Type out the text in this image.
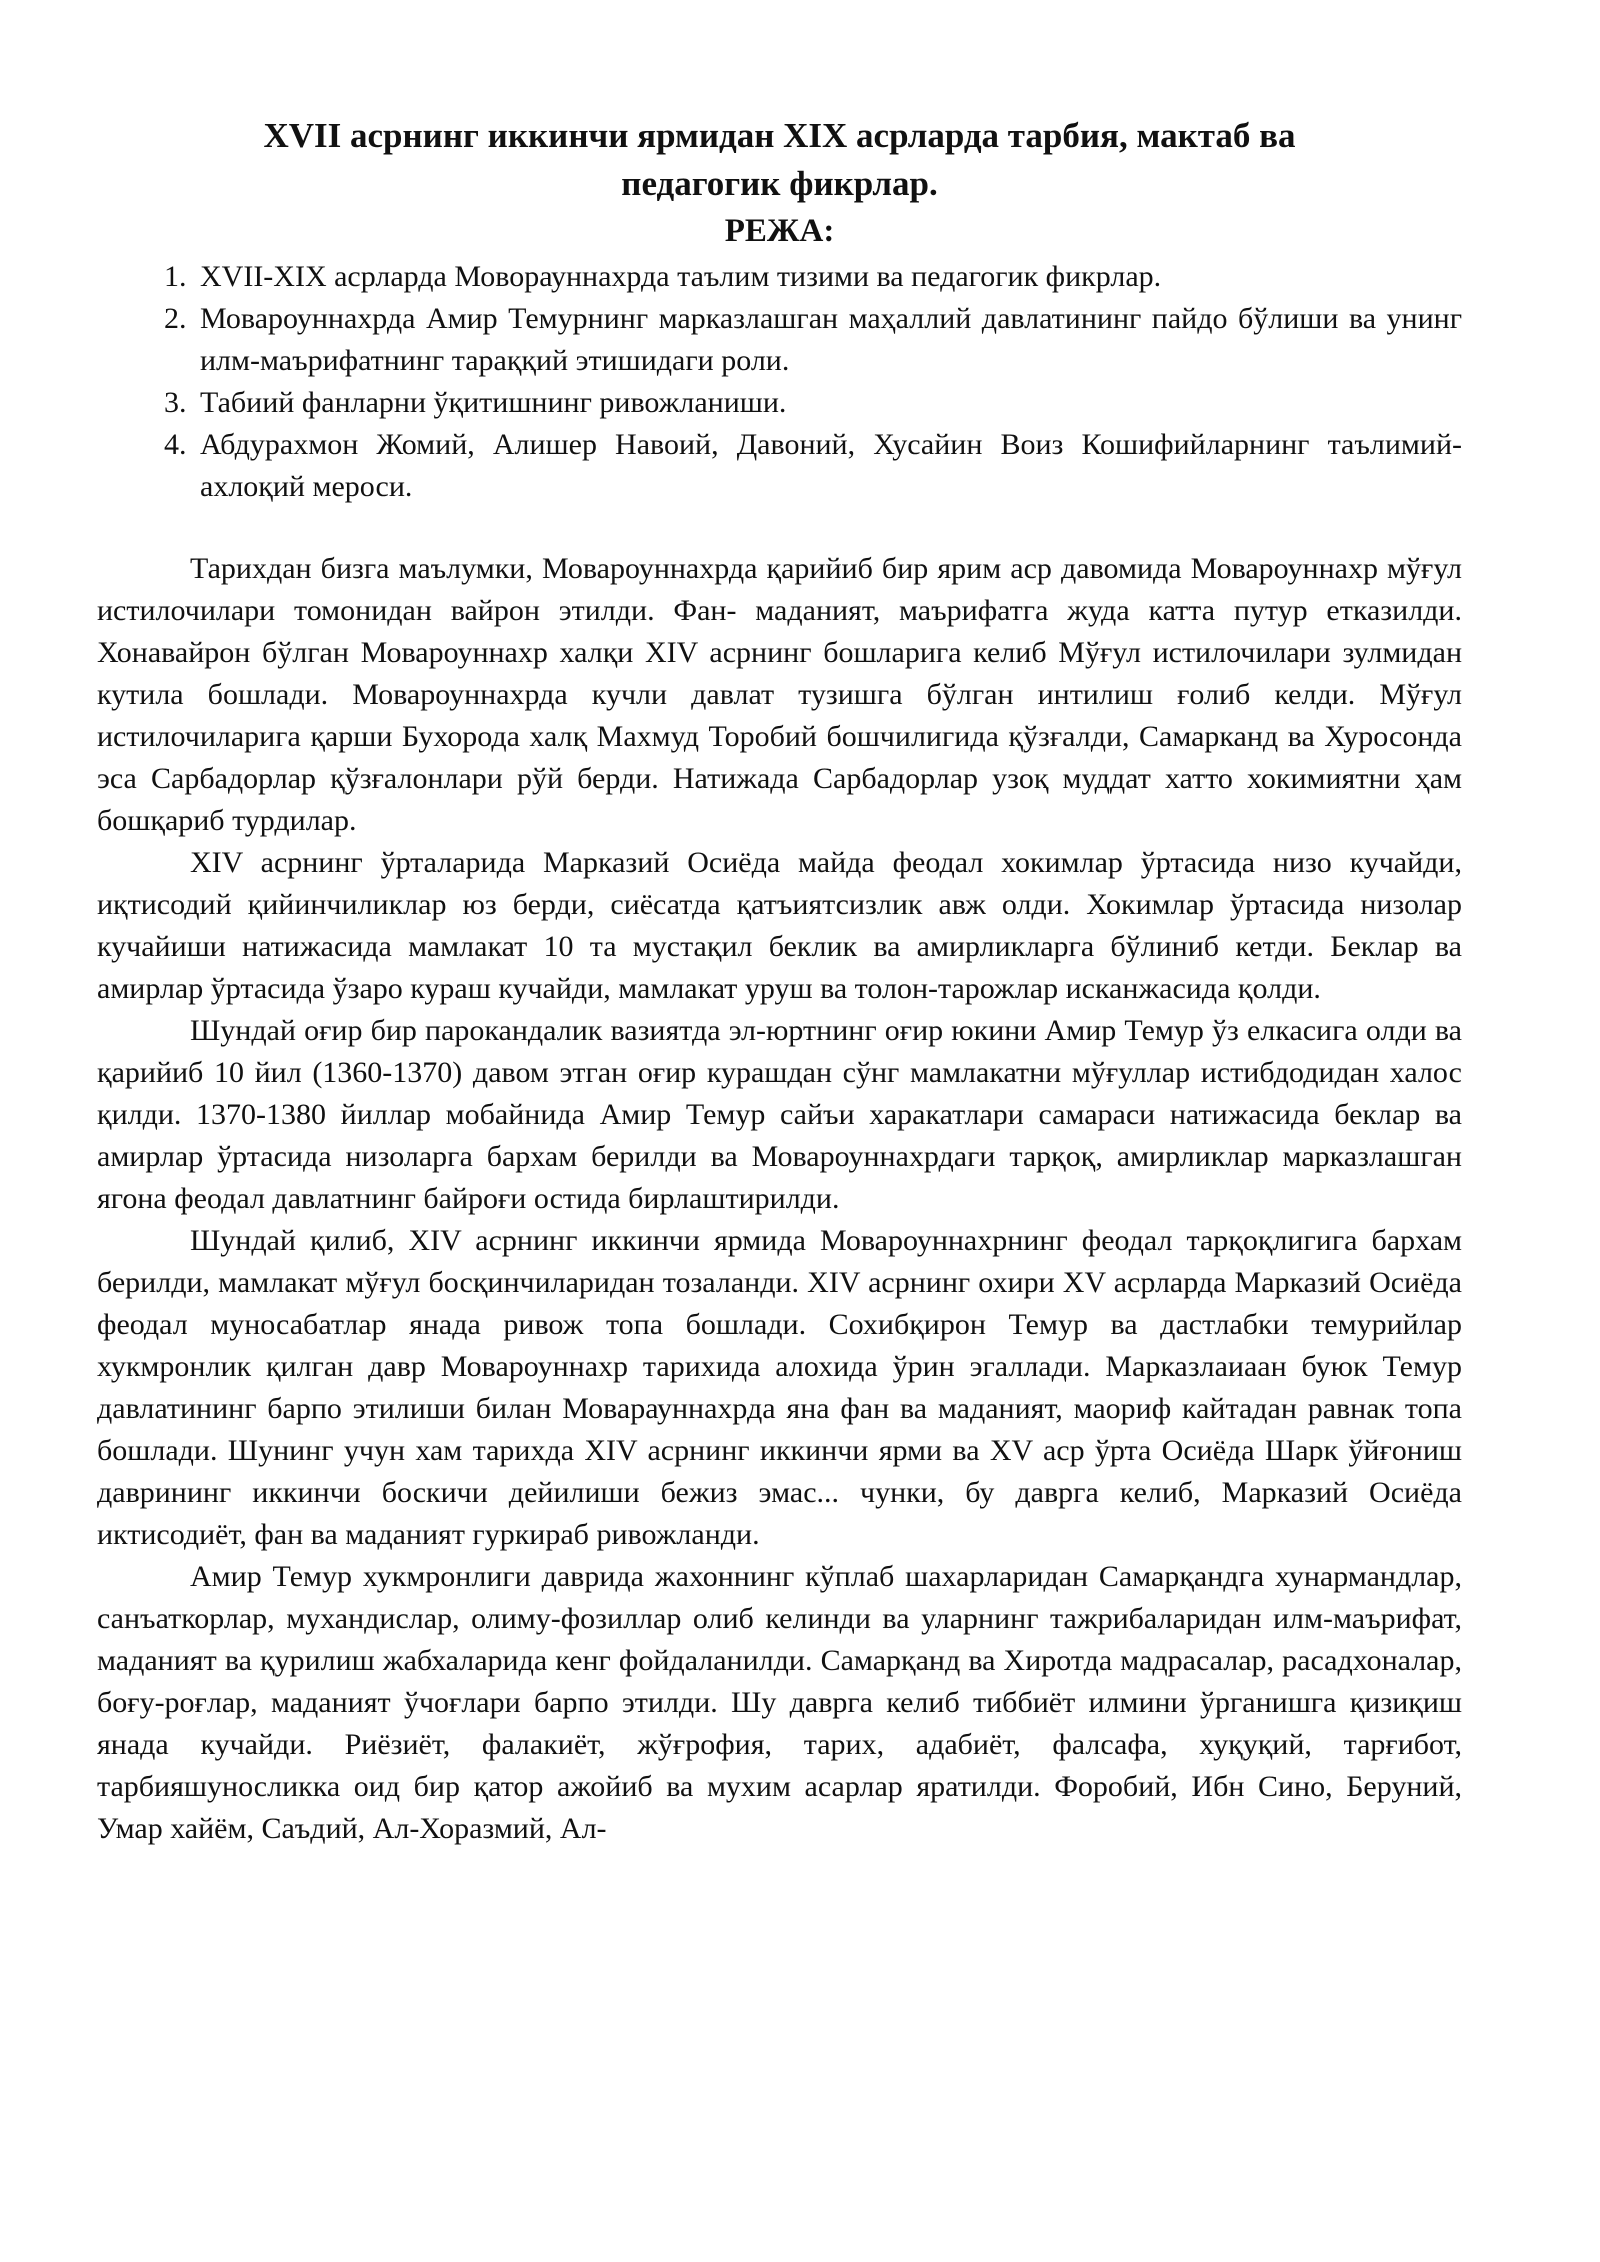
XVII асрнинг иккинчи ярмидан XIX асрларда тарбия, мактаб ва
педагогик фикрлар.
РЕЖА:
1. XVII-XIX асрларда Моворауннахрда таълим тизими ва педагогик фикрлар.
2. Мовароуннахрда Амир Темурнинг марказлашган маҳаллий давлатининг пайдо бўлиши ва унинг илм-маърифатнинг тараққий этишидаги роли.
3. Табиий фанларни ўқитишнинг ривожланиши.
4. Абдурахмон Жомий, Алишер Навоий, Давоний, Хусайин Воиз Кошифийларнинг таълимий-ахлоқий мероси.

Тарихдан бизга маълумки, Мовароуннахрда қарийиб бир ярим аср давомида Мовароуннахр мўғул истилочилари томонидан вайрон этилди. Фан- маданият, маърифатга жуда катта путур етказилди. Хонавайрон бўлган Мовароуннахр халқи XIV асрнинг бошларига келиб Мўғул истилочилари зулмидан кутила бошлади. Мовароуннахрда кучли давлат тузишга бўлган интилиш ғолиб келди. Мўғул истилочиларига қарши Бухорода халқ Махмуд Торобий бошчилигида қўзғалди, Самарканд ва Хуросонда эса Сарбадорлар қўзғалонлари рўй берди. Натижада Сарбадорлар узоқ муддат хатто хокимиятни ҳам бошқариб турдилар.

XIV асрнинг ўрталарида Марказий Осиёда майда феодал хокимлар ўртасида низо кучайди, иқтисодий қийинчиликлар юз берди, сиёсатда қатъиятсизлик авж олди. Хокимлар ўртасида низолар кучайиши натижасида мамлакат 10 та мустақил беклик ва амирликларга бўлиниб кетди. Беклар ва амирлар ўртасида ўзаро кураш кучайди, мамлакат уруш ва толон-тарожлар исканжасида қолди.

Шундай оғир бир парокандалик вазиятда эл-юртнинг оғир юкини Амир Темур ўз елкасига олди ва қарийиб 10 йил (1360-1370) давом этган оғир курашдан сўнг мамлакатни мўғуллар истибдодидан халос қилди. 1370-1380 йиллар мобайнида Амир Темур сайъи харакатлари самараси натижасида беклар ва амирлар ўртасида низоларга бархам берилди ва Мовароуннахрдаги тарқоқ, амирликлар марказлашган ягона феодал давлатнинг байроғи остида бирлаштирилди.

Шундай қилиб, XIV асрнинг иккинчи ярмида Мовароуннахрнинг феодал тарқоқлигига бархам берилди, мамлакат мўғул босқинчиларидан тозаланди. XIV асрнинг охири XV асрларда Марказий Осиёда феодал муносабатлар янада ривож топа бошлади. Сохибқирон Темур ва дастлабки темурийлар хукмронлик қилган давр Мовароуннахр тарихида алохида ўрин эгаллади. Марказлаиаан буюк Темур давлатининг барпо этилиши билан Моварауннахрда яна фан ва маданият, маориф кайтадан равнак топа бошлади. Шунинг учун хам тарихда XIV асрнинг иккинчи ярми ва XV аср ўрта Осиёда Шарк ўйғониш даврининг иккинчи боскичи дейилиши бежиз эмас... чунки, бу даврга келиб, Марказий Осиёда иктисодиёт, фан ва маданият гуркираб ривожланди.

Амир Темур хукмронлиги даврида жахоннинг кўплаб шахарларидан Самарқандга хунармандлар, санъаткорлар, мухандислар, олиму-фозиллар олиб келинди ва уларнинг тажрибаларидан илм-маърифат, маданият ва қурилиш жабхаларида кенг фойдаланилди. Самарқанд ва Хиротда мадрасалар, расадхоналар, боғу-роғлар, маданият ўчоғлари барпо этилди. Шу даврга келиб тиббиёт илмини ўрганишга қизиқиш янада кучайди. Риёзиёт, фалакиёт, жўғрофия, тарих, адабиёт, фалсафа, хуқуқий, тарғибот, тарбияшуносликка оид бир қатор ажойиб ва мухим асарлар яратилди. Форобий, Ибн Сино, Беруний, Умар хайём, Саъдий, Ал-Хоразмий, Ал-
